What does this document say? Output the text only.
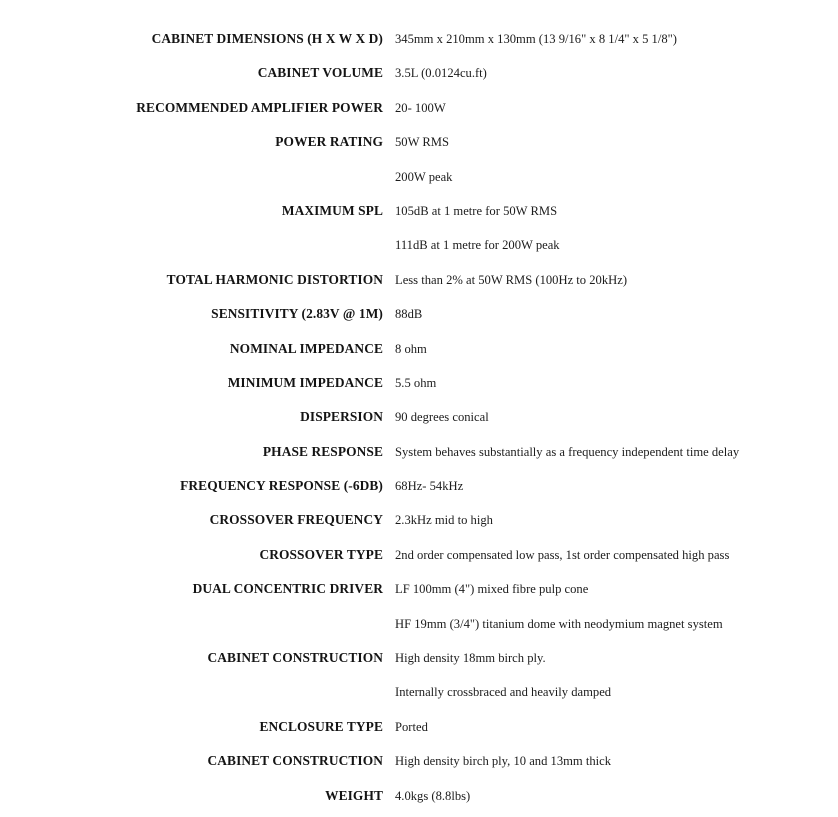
CABINET DIMENSIONS (H X W X D) 345mm x 210mm x 130mm (13 9/16" x 8 1/4" x 5 1/8")
CABINET VOLUME 3.5L (0.0124cu.ft)
RECOMMENDED AMPLIFIER POWER 20- 100W
POWER RATING 50W RMS
200W peak
MAXIMUM SPL 105dB at 1 metre for 50W RMS
111dB at 1 metre for 200W peak
TOTAL HARMONIC DISTORTION Less than 2% at 50W RMS (100Hz to 20kHz)
SENSITIVITY (2.83V @ 1M) 88dB
NOMINAL IMPEDANCE 8 ohm
MINIMUM IMPEDANCE 5.5 ohm
DISPERSION 90 degrees conical
PHASE RESPONSE System behaves substantially as a frequency independent time delay
FREQUENCY RESPONSE (-6DB) 68Hz- 54kHz
CROSSOVER FREQUENCY 2.3kHz mid to high
CROSSOVER TYPE 2nd order compensated low pass, 1st order compensated high pass
DUAL CONCENTRIC DRIVER LF 100mm (4") mixed fibre pulp cone
HF 19mm (3/4") titanium dome with neodymium magnet system
CABINET CONSTRUCTION High density 18mm birch ply.
Internally crossbraced and heavily damped
ENCLOSURE TYPE Ported
CABINET CONSTRUCTION High density birch ply, 10 and 13mm thick
WEIGHT 4.0kgs (8.8lbs)
